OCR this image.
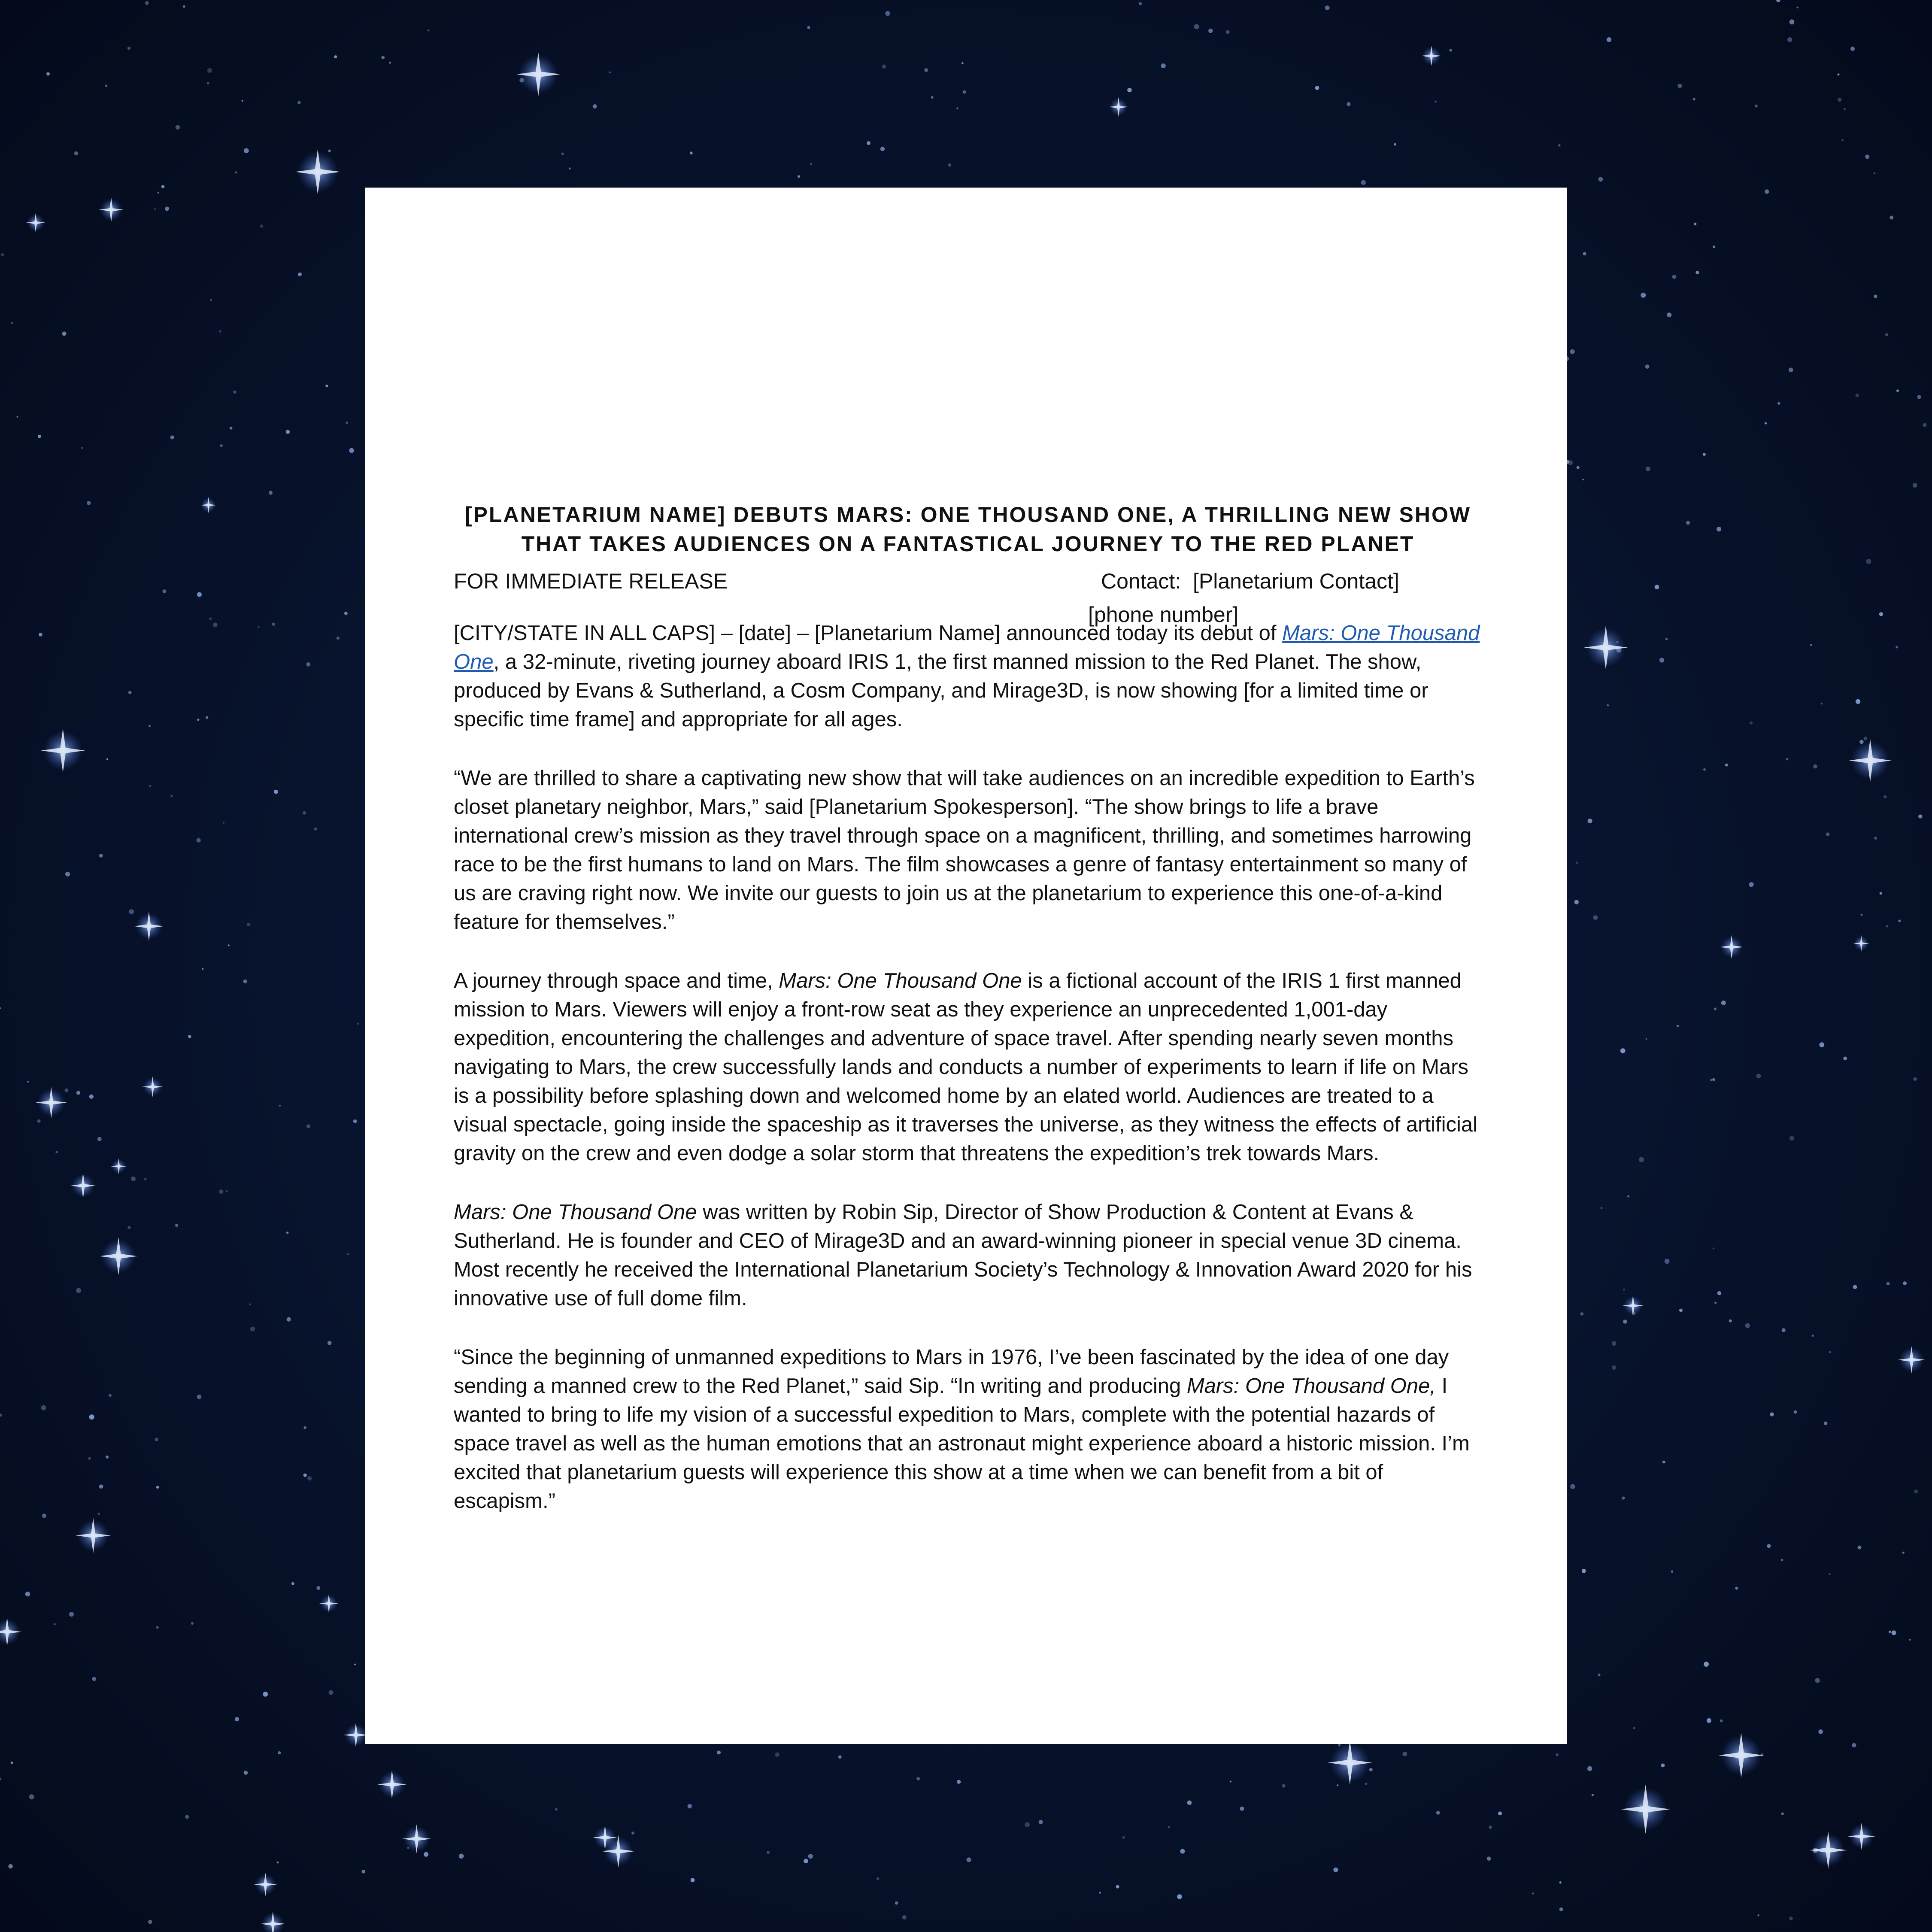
FOR IMMEDIATE RELEASE	Contact: [Planetarium Contact]
[phone number]
[PLANETARIUM NAME] DEBUTS MARS: ONE THOUSAND ONE, A THRILLING NEW SHOW
THAT TAKES AUDIENCES ON A FANTASTICAL JOURNEY TO THE RED PLANET

[CITY/STATE IN ALL CAPS] – [date] – [Planetarium Name] announced today its debut of Mars: One Thousand One, a 32-minute, riveting journey aboard IRIS 1, the first manned mission to the Red Planet. The show, produced by Evans & Sutherland, a Cosm Company, and Mirage3D, is now showing [for a limited time or specific time frame] and appropriate for all ages.

“We are thrilled to share a captivating new show that will take audiences on an incredible expedition to Earth’s closet planetary neighbor, Mars,” said [Planetarium Spokesperson]. “The show brings to life a brave international crew’s mission as they travel through space on a magnificent, thrilling, and sometimes harrowing race to be the first humans to land on Mars. The film showcases a genre of fantasy entertainment so many of us are craving right now. We invite our guests to join us at the planetarium to experience this one-of-a-kind feature for themselves.”

A journey through space and time, Mars: One Thousand One is a fictional account of the IRIS 1 first manned mission to Mars. Viewers will enjoy a front-row seat as they experience an unprecedented 1,001-day expedition, encountering the challenges and adventure of space travel. After spending nearly seven months navigating to Mars, the crew successfully lands and conducts a number of experiments to learn if life on Mars is a possibility before splashing down and welcomed home by an elated world. Audiences are treated to a visual spectacle, going inside the spaceship as it traverses the universe, as they witness the effects of artificial gravity on the crew and even dodge a solar storm that threatens the expedition’s trek towards Mars.

Mars: One Thousand One was written by Robin Sip, Director of Show Production & Content at Evans & Sutherland. He is founder and CEO of Mirage3D and an award-winning pioneer in special venue 3D cinema. Most recently he received the International Planetarium Society’s Technology & Innovation Award 2020 for his innovative use of full dome film.

“Since the beginning of unmanned expeditions to Mars in 1976, I’ve been fascinated by the idea of one day sending a manned crew to the Red Planet,” said Sip. “In writing and producing Mars: One Thousand One, I wanted to bring to life my vision of a successful expedition to Mars, complete with the potential hazards of space travel as well as the human emotions that an astronaut might experience aboard a historic mission. I’m excited that planetarium guests will experience this show at a time when we can benefit from a bit of escapism.”
